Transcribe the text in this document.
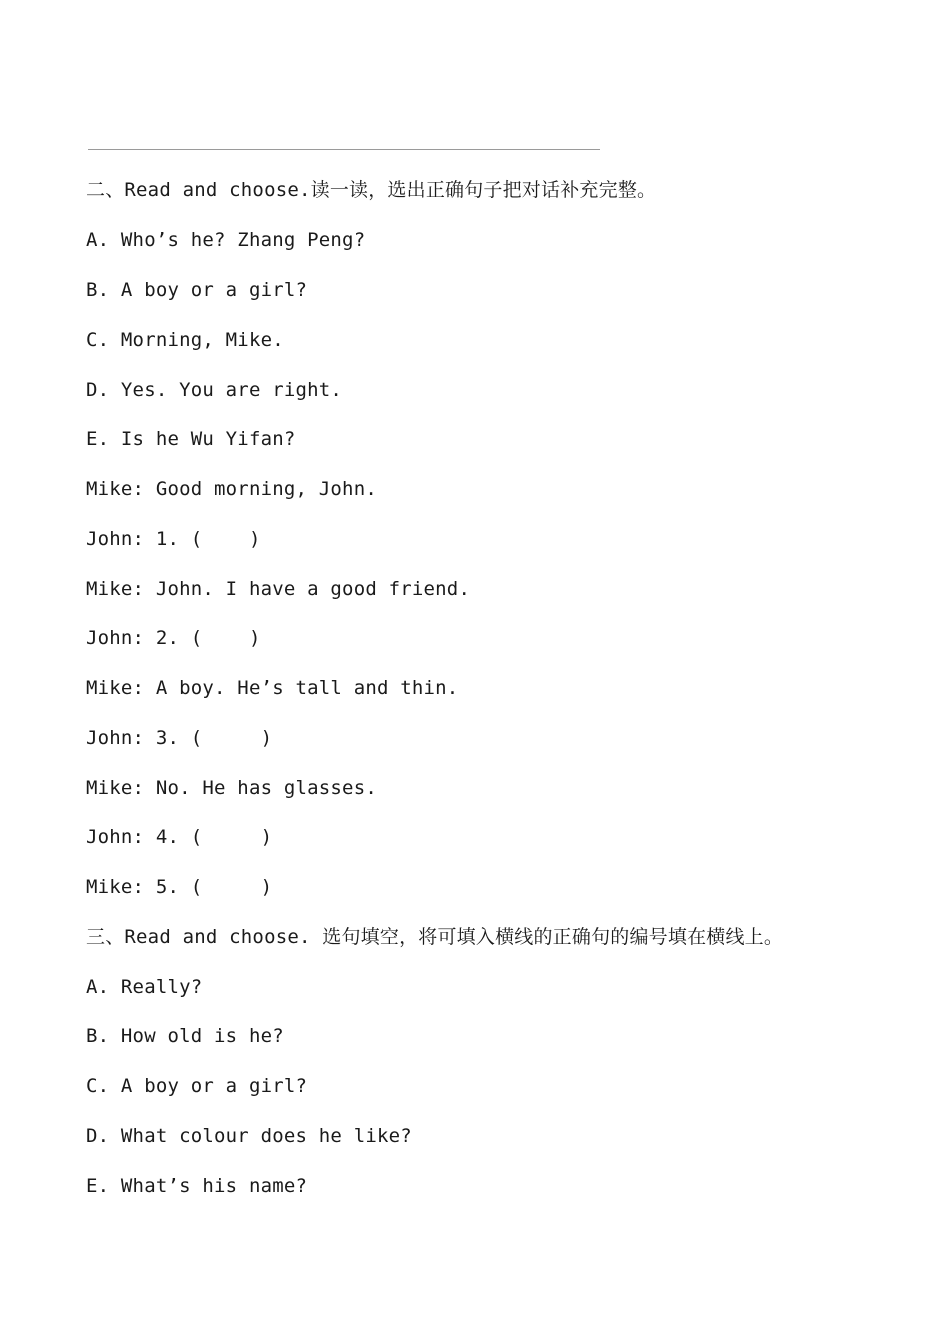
二、Read and choose.读一读，选出正确句子把对话补充完整。
A. Who’s he? Zhang Peng?
B. A boy or a girl?
C. Morning, Mike.
D. Yes. You are right.
E. Is he Wu Yifan?
Mike: Good morning, John.
John: 1. (    )
Mike: John. I have a good friend.
John: 2. (    )
Mike: A boy. He’s tall and thin.
John: 3. (     )
Mike: No. He has glasses.
John: 4. (     )
Mike: 5. (     )
三、Read and choose. 选句填空，将可填入横线的正确句的编号填在横线上。
A. Really?
B. How old is he?
C. A boy or a girl?
D. What colour does he like?
E. What’s his name?
